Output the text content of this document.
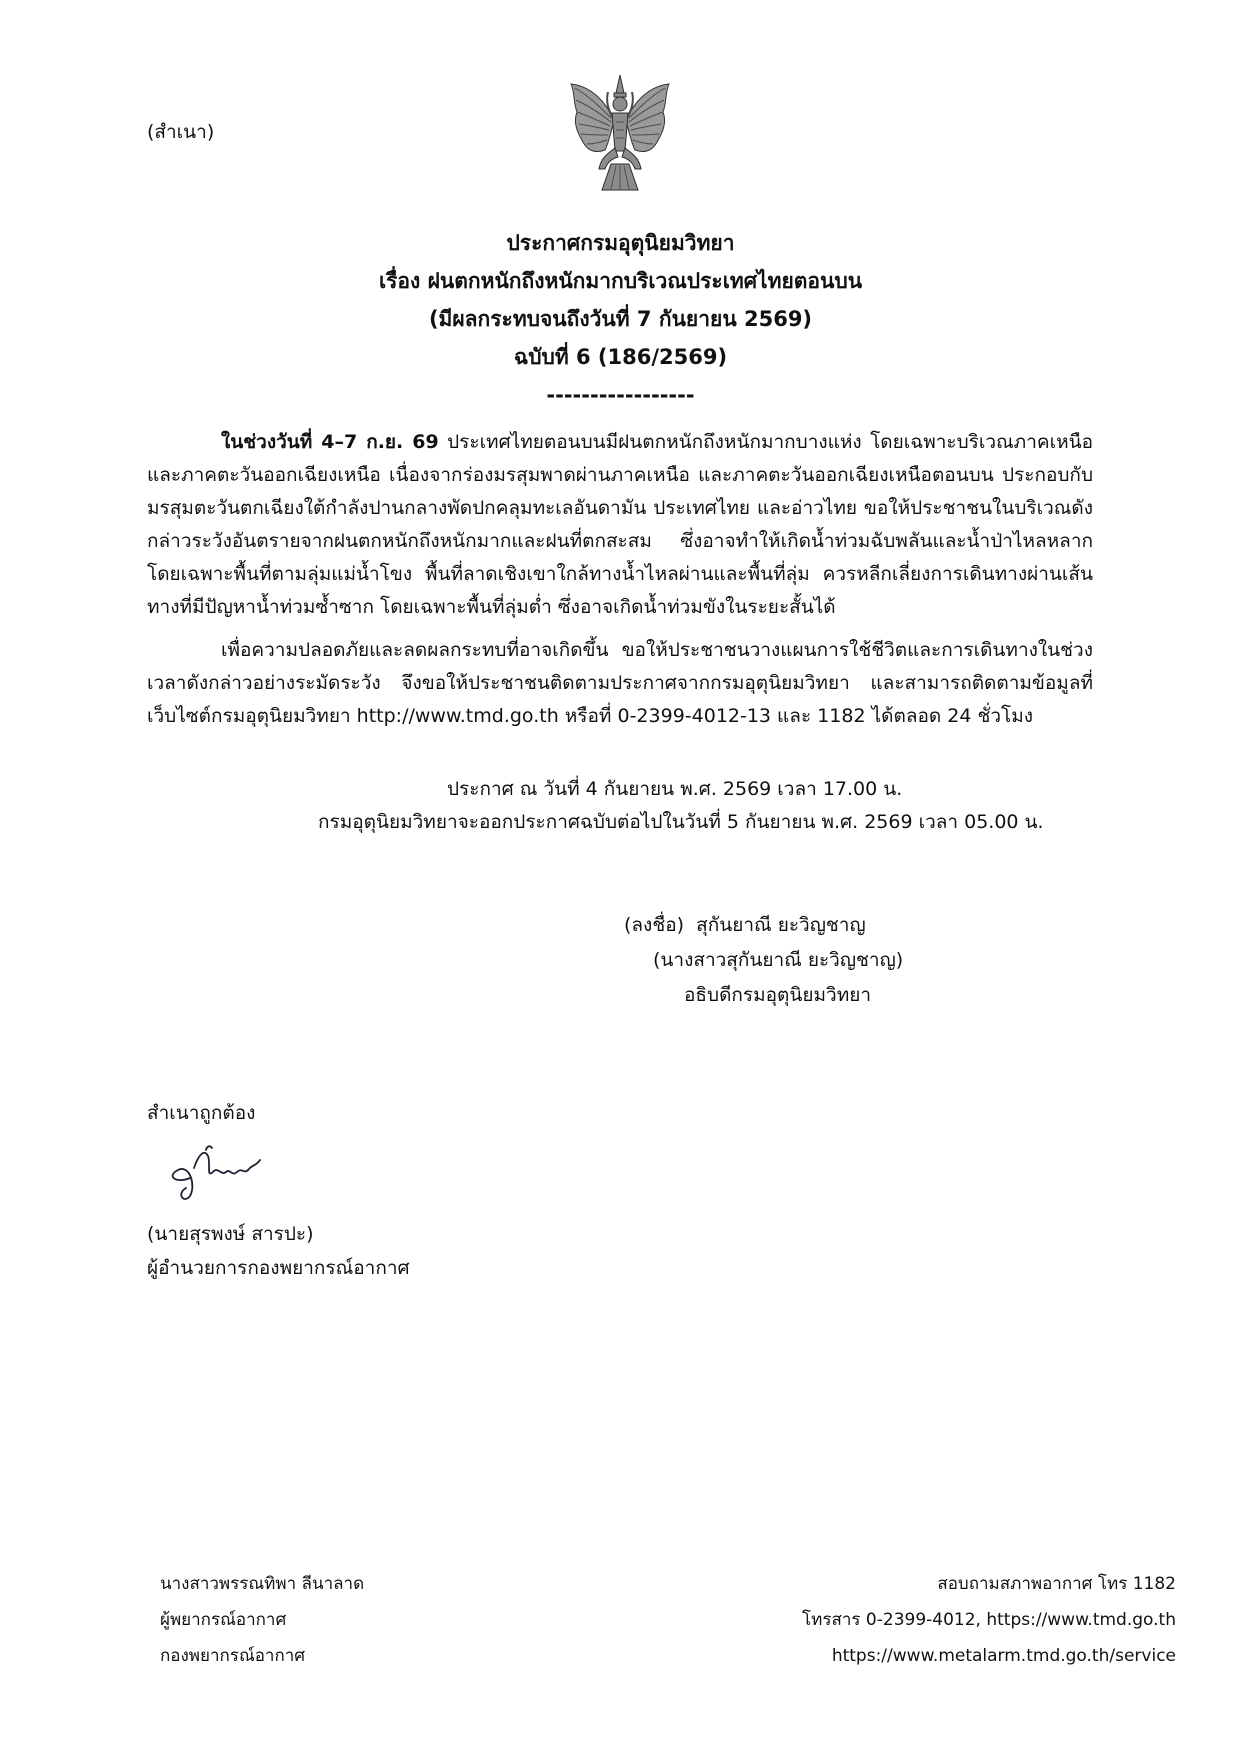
(สำเนา)
ประกาศกรมอุตุนิยมวิทยา
เรื่อง ฝนตกหนักถึงหนักมากบริเวณประเทศไทยตอนบน
(มีผลกระทบจนถึงวันที่ 7 กันยายน 2569)
ฉบับที่ 6 (186/2569)
-----------------

ในช่วงวันที่ 4–7 ก.ย. 69 ประเทศไทยตอนบนมีฝนตกหนักถึงหนักมากบางแห่ง โดยเฉพาะบริเวณภาคเหนือ และภาคตะวันออกเฉียงเหนือ เนื่องจากร่องมรสุมพาดผ่านภาคเหนือ และภาคตะวันออกเฉียงเหนือตอนบน ประกอบกับมรสุมตะวันตกเฉียงใต้กำลังปานกลางพัดปกคลุมทะเลอันดามัน ประเทศไทย และอ่าวไทย ขอให้ประชาชนในบริเวณดังกล่าวระวังอันตรายจากฝนตกหนักถึงหนักมากและฝนที่ตกสะสม ซึ่งอาจทำให้เกิดน้ำท่วมฉับพลันและน้ำป่าไหลหลาก โดยเฉพาะพื้นที่ตามลุ่มแม่น้ำโขง พื้นที่ลาดเชิงเขาใกล้ทางน้ำไหลผ่านและพื้นที่ลุ่ม ควรหลีกเลี่ยงการเดินทางผ่านเส้นทางที่มีปัญหาน้ำท่วมซ้ำซาก โดยเฉพาะพื้นที่ลุ่มต่ำ ซึ่งอาจเกิดน้ำท่วมขังในระยะสั้นได้

เพื่อความปลอดภัยและลดผลกระทบที่อาจเกิดขึ้น ขอให้ประชาชนวางแผนการใช้ชีวิตและการเดินทางในช่วงเวลาดังกล่าวอย่างระมัดระวัง จึงขอให้ประชาชนติดตามประกาศจากกรมอุตุนิยมวิทยา และสามารถติดตามข้อมูลที่เว็บไซต์กรมอุตุนิยมวิทยา http://www.tmd.go.th หรือที่ 0-2399-4012-13 และ 1182 ได้ตลอด 24 ชั่วโมง

ประกาศ ณ วันที่ 4 กันยายน พ.ศ. 2569 เวลา 17.00 น.
กรมอุตุนิยมวิทยาจะออกประกาศฉบับต่อไปในวันที่ 5 กันยายน พ.ศ. 2569 เวลา 05.00 น.
(ลงชื่อ)  สุกันยาณี ยะวิญชาญ
(นางสาวสุกันยาณี ยะวิญชาญ)
อธิบดีกรมอุตุนิยมวิทยา
สำเนาถูกต้อง
(นายสุรพงษ์ สารปะ)
ผู้อำนวยการกองพยากรณ์อากาศ
นางสาวพรรณทิพา ลีนาลาด
ผู้พยากรณ์อากาศ
กองพยากรณ์อากาศ
สอบถามสภาพอากาศ โทร 1182
โทรสาร 0-2399-4012, https://www.tmd.go.th
https://www.metalarm.tmd.go.th/service
